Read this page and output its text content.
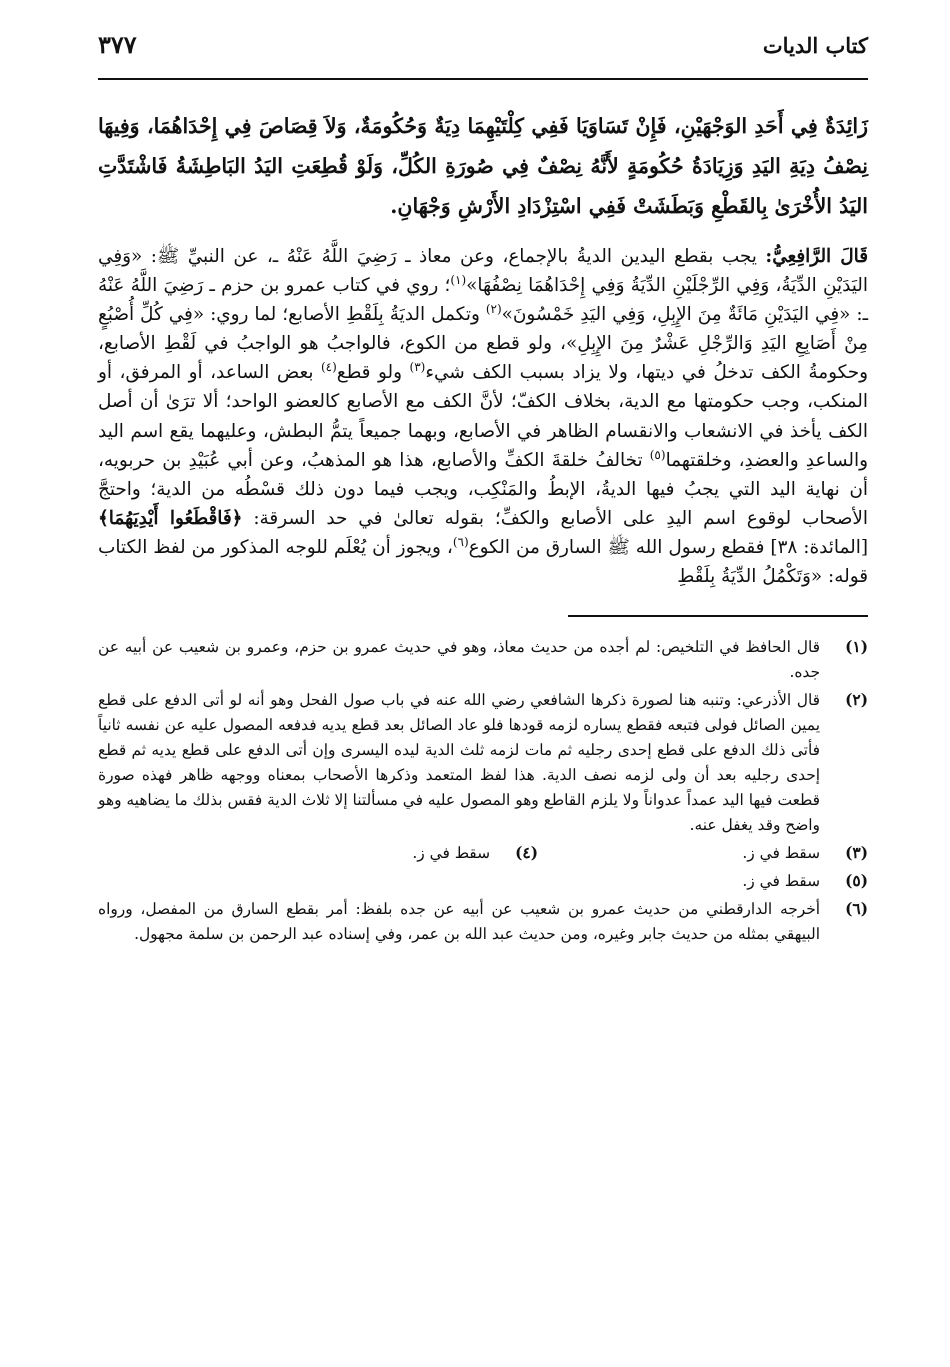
كتاب الديات
٣٧٧
زَائِدَةٌ فِي أَحَدِ الوَجْهَيْنِ، فَإِنْ تَسَاوَيَا فَفِي كِلْتَيْهِمَا دِيَةٌ وَحُكُومَةٌ، وَلاَ قِصَاصَ فِي إِحْدَاهُمَا، وَفِيهَا نِصْفُ دِيَةِ اليَدِ وَزِيَادَةُ حُكُومَةٍ لأَنَّهُ نِصْفٌ فِي صُورَةِ الكُلِّ، وَلَوْ قُطِعَتِ اليَدُ البَاطِشَةُ فَاشْتَدَّتِ اليَدُ الأُخْرَىٰ بِالقَطْعِ وَبَطَشَتْ فَفِي اسْتِزْدَادِ الأَرْشِ وَجْهَانِ.
قَالَ الرَّافِعِيُّ: يجب بقطع اليدين الديةُ بالإجماع، وعن معاذ ـ رَضِيَ اللَّهُ عَنْهُ ـ، عن النبيِّ ﷺ: «وَفِي اليَدَيْنِ الدِّيَةُ، وَفِي الرِّجْلَيْنِ الدِّيَةُ وَفِي إِحْدَاهُمَا نِصْفُهَا»$^{(١)}$؛ روي في كتاب عمرو بن حزم ـ رَضِيَ اللَّهُ عَنْهُ ـ: «فِي اليَدَيْنِ مَائَةٌ مِنَ الإِبِلِ، وَفِي اليَدِ خَمْسُونَ»$^{(٢)}$ وتكمل الديَةُ بِلَقْطِ الأصابع؛ لما روي: «فِي كُلِّ أُصْبُعٍ مِنْ أَصَابِعِ اليَدِ وَالرِّجْلِ عَشْرٌ مِنَ الإِبِلِ»، ولو قطع من الكوع، فالواجبُ هو الواجبُ في لَقْطِ الأصابع، وحكومةُ الكف تدخلُ في ديتها، ولا يزاد بسبب الكف شيء$^{(٣)}$ ولو قطع$^{(٤)}$ بعض الساعد، أو المرفق، أو المنكب، وجب حكومتها مع الدية، بخلاف الكفّ؛ لأنَّ الكف مع الأصابع كالعضو الواحد؛ ألا ترَىٰ أن أصل الكف يأخذ في الانشعاب والانقسام الظاهر في الأصابع، وبهما جميعاً يتمُّ البطش، وعليهما يقع اسم اليد والساعدِ والعضدِ، وخلقتهما$^{(٥)}$ تخالفُ خلقةَ الكفِّ والأصابع، هذا هو المذهبُ، وعن أبي عُبَيْدِ بن حربويه، أن نهاية اليد التي يجبُ فيها الديةُ، الإبطُ والمَنْكِب، ويجب فيما دون ذلك قسْطُه من الدية؛ واحتجَّ الأصحاب لوقوع اسم اليدِ على الأصابع والكفِّ؛ بقوله تعالىٰ في حد السرقة: ﴿فَاقْطَعُوا أَيْدِيَهُمَا﴾ [المائدة: ٣٨] فقطع رسول الله ﷺ السارق من الكوع$^{(٦)}$، ويجوز أن يُعْلَم للوجه المذكور من لفظ الكتاب قوله: «وَتَكْمُلُ الدِّيَةُ بِلَقْطِ
(١)
قال الحافظ في التلخيص: لم أجده من حديث معاذ، وهو في حديث عمرو بن حزم، وعمرو بن شعيب عن أبيه عن جده.
(٢)
قال الأذرعي: وتنبه هنا لصورة ذكرها الشافعي رضي الله عنه في باب صول الفحل وهو أنه لو أتى الدفع على قطع يمين الصائل فولى فتبعه فقطع يساره لزمه قودها فلو عاد الصائل بعد قطع يديه فدفعه المصول عليه عن نفسه ثانياً فأتى ذلك الدفع على قطع إحدى رجليه ثم مات لزمه ثلث الدية ليده اليسرى وإن أتى الدفع على قطع يديه ثم قطع إحدى رجليه بعد أن ولى لزمه نصف الدية. هذا لفظ المتعمد وذكرها الأصحاب بمعناه ووجهه ظاهر فهذه صورة قطعت فيها اليد عمداً عدواناً ولا يلزم القاطع وهو المصول عليه في مسألتنا إلا ثلاث الدية فقس بذلك ما يضاهيه وهو واضح وقد يغفل عنه.
(٣)
سقط في ز.
(٤)
سقط في ز.
(٥)
سقط في ز.
(٦)
أخرجه الدارقطني من حديث عمرو بن شعيب عن أبيه عن جده بلفظ: أمر بقطع السارق من المفصل، ورواه البيهقي بمثله من حديث جابر وغيره، ومن حديث عبد الله بن عمر، وفي إسناده عبد الرحمن بن سلمة مجهول.
